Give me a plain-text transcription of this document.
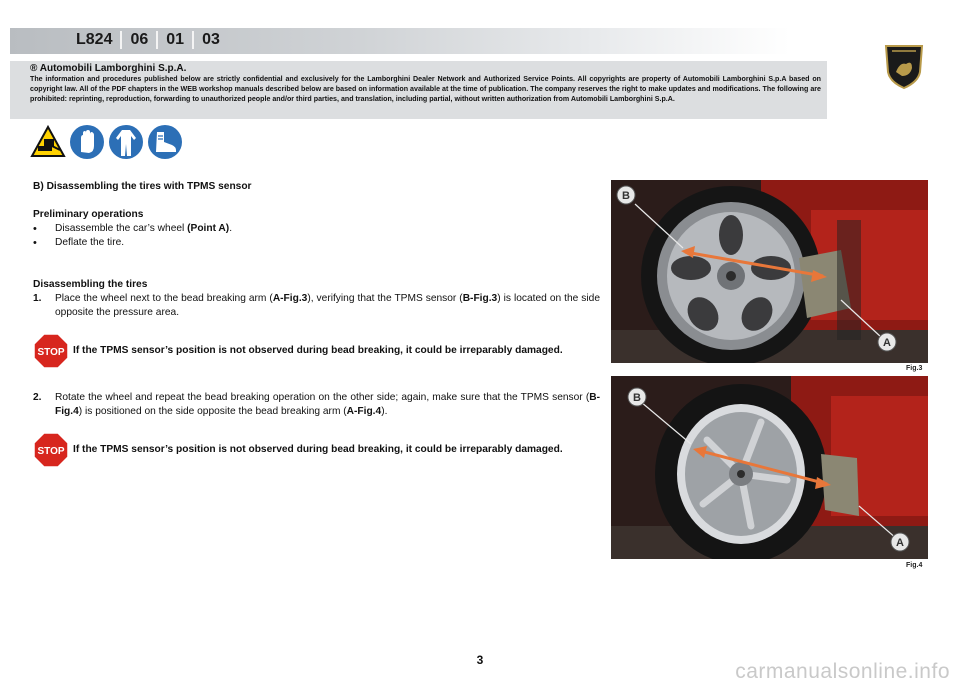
L824	06	01	03
® Automobili Lamborghini S.p.A.
The information and procedures published below are strictly confidential and exclusively for the Lamborghini Dealer Network and Authorized Service Points. All copyrights are property of Automobili Lamborghini S.p.A based on copyright law. All of the PDF chapters in the WEB workshop manuals described below are based on information available at the time of publication. The company reserves the right to make updates and modifications. The following are prohibited: reprinting, reproduction, forwarding to unauthorized people and/or third parties, and translation, including partial, without written authorization from Automobili Lamborghini S.p.A.

B) Disassembling the tires with TPMS sensor

Preliminary operations

•	Disassemble the car’s wheel (Point A).
•	Deflate the tire.

Disassembling the tires

1.	Place the wheel next to the bead breaking arm (A-Fig.3), verifying that the TPMS sensor (B-Fig.3) is located on the side opposite the pressure area.
STOP If the TPMS sensor’s position is not observed during bead breaking, it could be irreparably damaged.
2.	Rotate the wheel and repeat the bead breaking operation on the other side; again, make sure that the TPMS sensor (B-Fig.4) is positioned on the side opposite the bead breaking arm (A-Fig.4).
STOP If the TPMS sensor’s position is not observed during bead breaking, it could be irreparably damaged.
B
A
Fig.3
B
A
Fig.4
3	carmanualsonline.info
